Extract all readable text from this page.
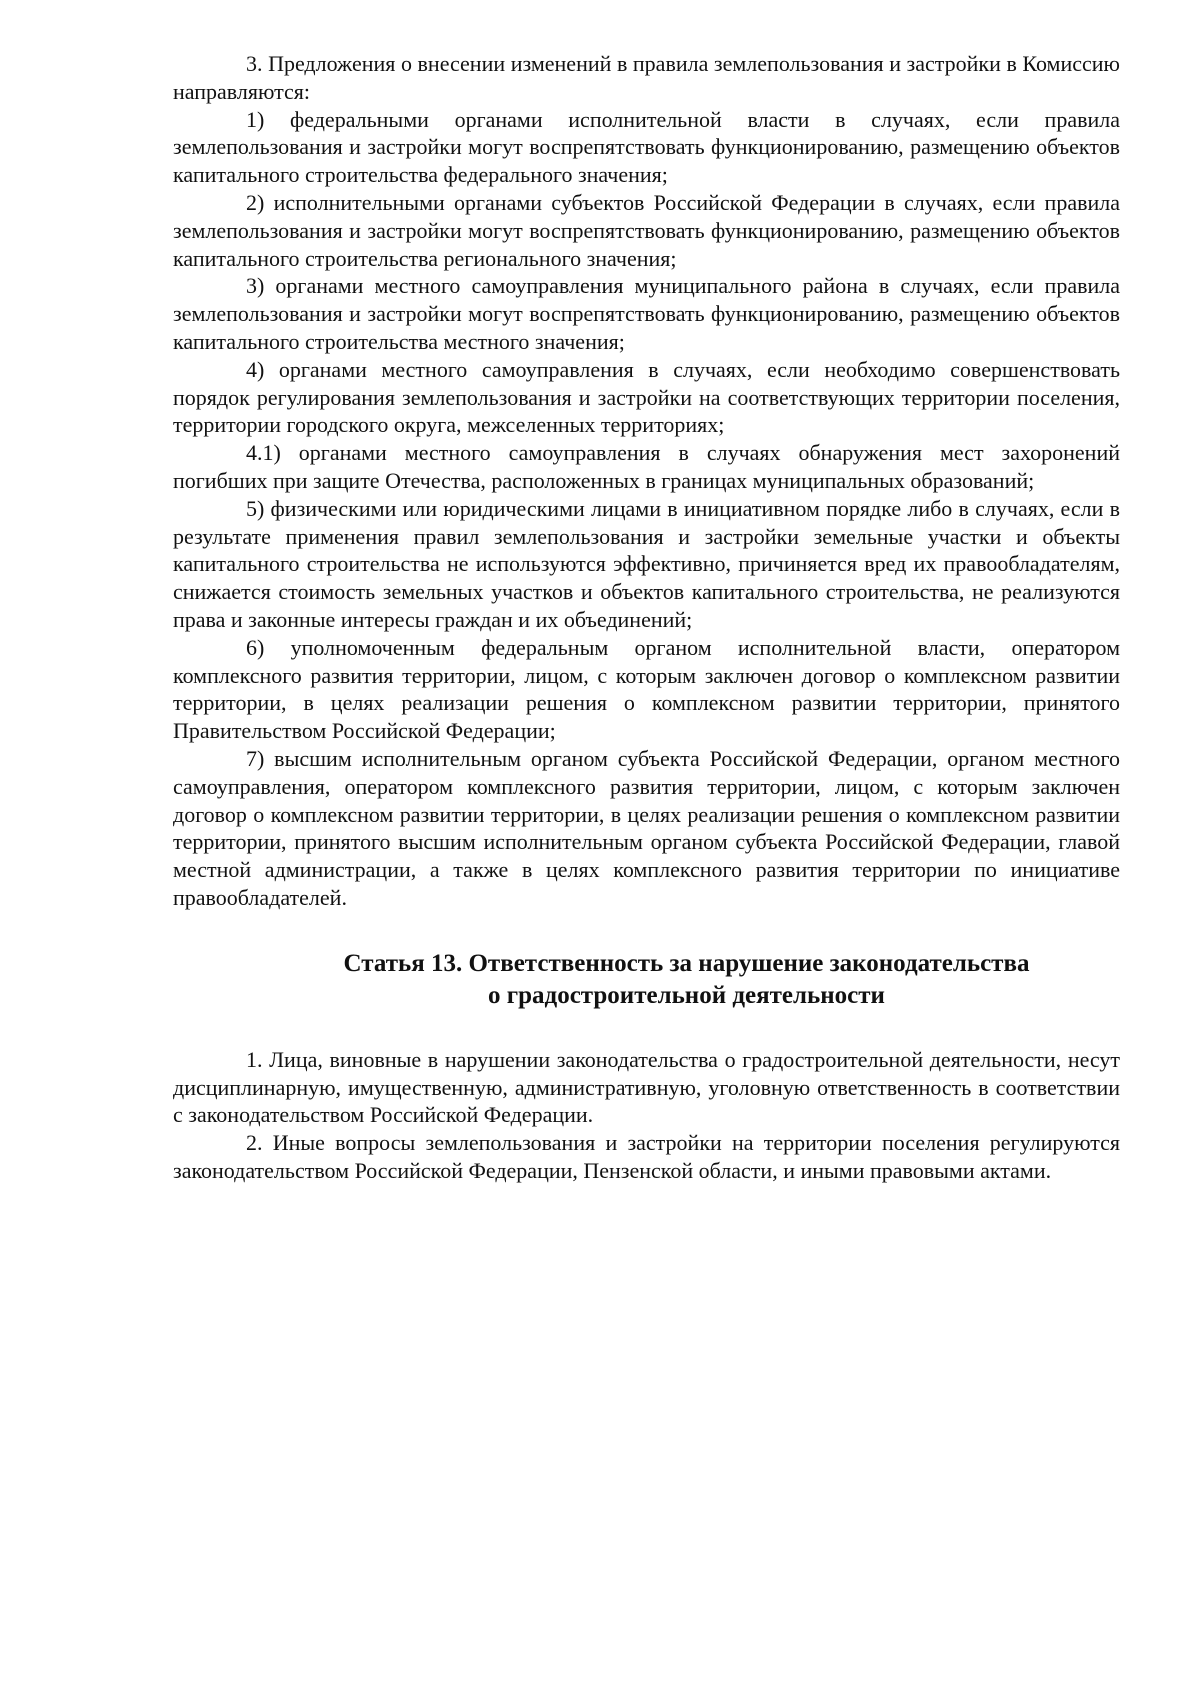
3. Предложения о внесении изменений в правила землепользования и застройки в Комиссию направляются:

1) федеральными органами исполнительной власти в случаях, если правила землепользования и застройки могут воспрепятствовать функционированию, размещению объектов капитального строительства федерального значения;

2) исполнительными органами субъектов Российской Федерации в случаях, если правила землепользования и застройки могут воспрепятствовать функционированию, размещению объектов капитального строительства регионального значения;

3) органами местного самоуправления муниципального района в случаях, если правила землепользования и застройки могут воспрепятствовать функционированию, размещению объектов капитального строительства местного значения;

4) органами местного самоуправления в случаях, если необходимо совершенствовать порядок регулирования землепользования и застройки на соответствующих территории поселения, территории городского округа, межселенных территориях;

4.1) органами местного самоуправления в случаях обнаружения мест захоронений погибших при защите Отечества, расположенных в границах муниципальных образований;

5) физическими или юридическими лицами в инициативном порядке либо в случаях, если в результате применения правил землепользования и застройки земельные участки и объекты капитального строительства не используются эффективно, причиняется вред их правообладателям, снижается стоимость земельных участков и объектов капитального строительства, не реализуются права и законные интересы граждан и их объединений;

6) уполномоченным федеральным органом исполнительной власти, оператором комплексного развития территории, лицом, с которым заключен договор о комплексном развитии территории, в целях реализации решения о комплексном развитии территории, принятого Правительством Российской Федерации;

7) высшим исполнительным органом субъекта Российской Федерации, органом местного самоуправления, оператором комплексного развития территории, лицом, с которым заключен договор о комплексном развитии территории, в целях реализации решения о комплексном развитии территории, принятого высшим исполнительным органом субъекта Российской Федерации, главой местной администрации, а также в целях комплексного развития территории по инициативе правообладателей.

Статья 13. Ответственность за нарушение законодательства
о градостроительной деятельности

1. Лица, виновные в нарушении законодательства о градостроительной деятельности, несут дисциплинарную, имущественную, административную, уголовную ответственность в соответствии с законодательством Российской Федерации.

2. Иные вопросы землепользования и застройки на территории поселения регулируются законодательством Российской Федерации, Пензенской области, и иными правовыми актами.
